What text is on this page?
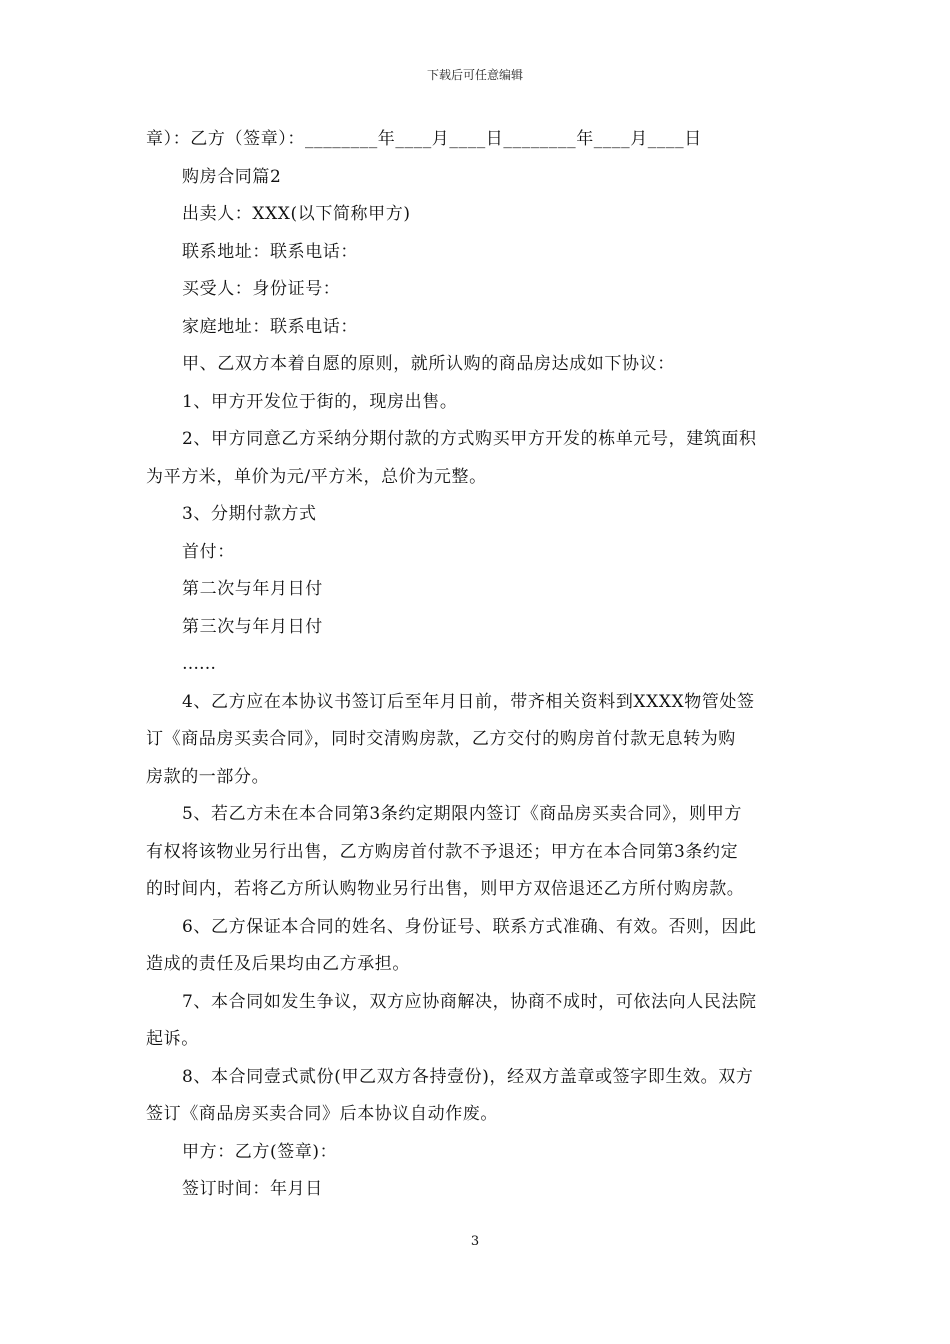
下载后可任意编辑

章）：乙方（签章）：________年____月____日________年____月____日

购房合同篇2

出卖人：XXX(以下简称甲方)

联系地址：联系电话：

买受人：身份证号：

家庭地址：联系电话：

甲、乙双方本着自愿的原则，就所认购的商品房达成如下协议：

1、甲方开发位于街的，现房出售。

2、甲方同意乙方采纳分期付款的方式购买甲方开发的栋单元号，建筑面积

为平方米，单价为元/平方米，总价为元整。

3、分期付款方式

首付：

第二次与年月日付

第三次与年月日付

……

4、乙方应在本协议书签订后至年月日前，带齐相关资料到XXXX物管处签

订《商品房买卖合同》，同时交清购房款，乙方交付的购房首付款无息转为购

房款的一部分。

5、若乙方未在本合同第3条约定期限内签订《商品房买卖合同》，则甲方

有权将该物业另行出售，乙方购房首付款不予退还；甲方在本合同第3条约定

的时间内，若将乙方所认购物业另行出售，则甲方双倍退还乙方所付购房款。

6、乙方保证本合同的姓名、身份证号、联系方式准确、有效。否则，因此

造成的责任及后果均由乙方承担。

7、本合同如发生争议，双方应协商解决，协商不成时，可依法向人民法院

起诉。

8、本合同壹式贰份(甲乙双方各持壹份)，经双方盖章或签字即生效。双方

签订《商品房买卖合同》后本协议自动作废。

甲方：乙方(签章)：

签订时间：年月日

3
